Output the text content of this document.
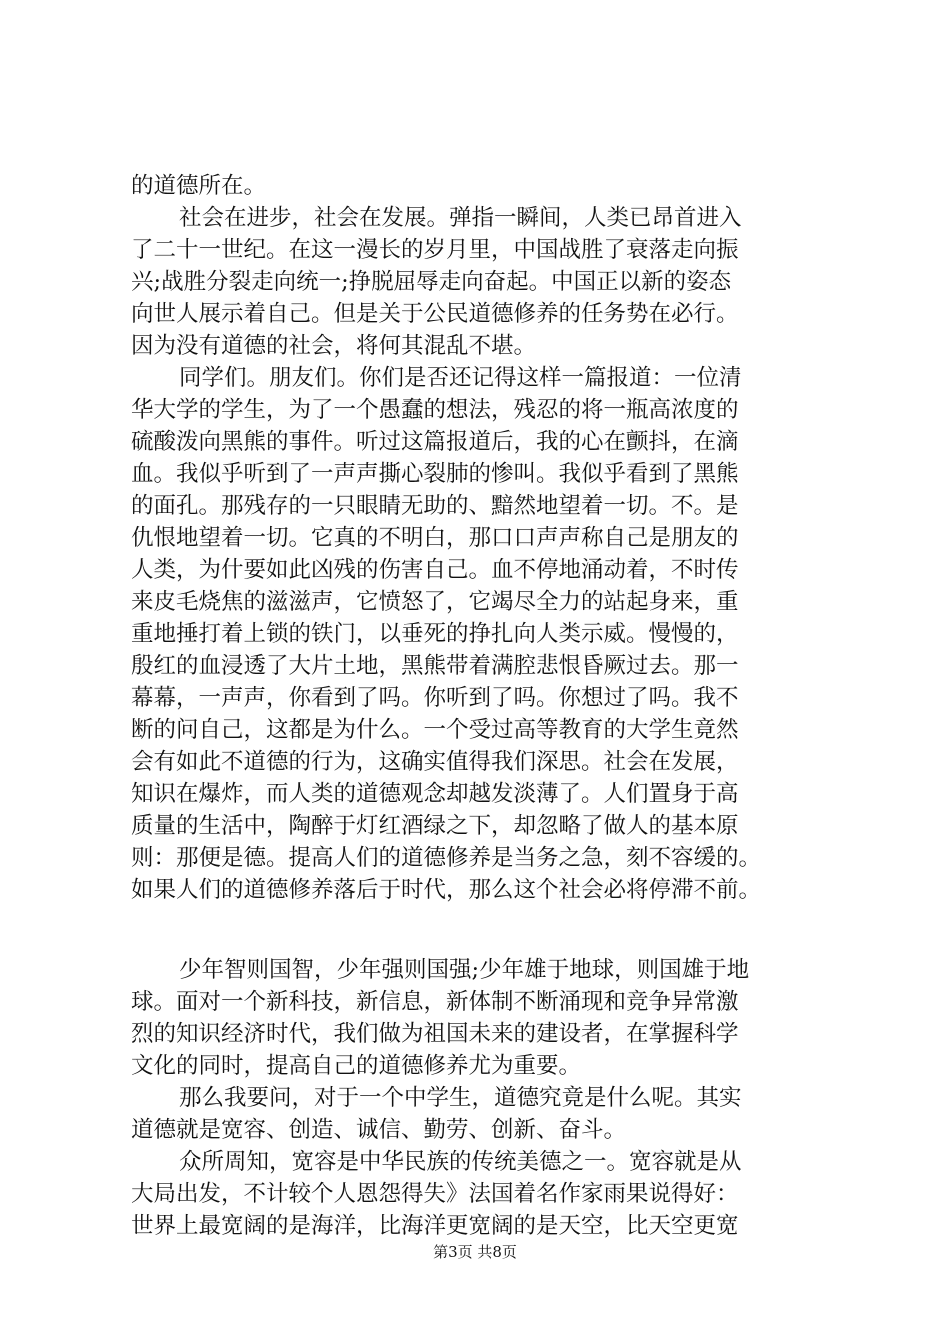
的道德所在。
社会在进步，社会在发展。弹指一瞬间，人类已昂首进入
了二十一世纪。在这一漫长的岁月里，中国战胜了衰落走向振
兴;战胜分裂走向统一;挣脱屈辱走向奋起。中国正以新的姿态
向世人展示着自己。但是关于公民道德修养的任务势在必行。
因为没有道德的社会，将何其混乱不堪。
同学们。朋友们。你们是否还记得这样一篇报道：一位清
华大学的学生，为了一个愚蠢的想法，残忍的将一瓶高浓度的
硫酸泼向黑熊的事件。听过这篇报道后，我的心在颤抖，在滴
血。我似乎听到了一声声撕心裂肺的惨叫。我似乎看到了黑熊
的面孔。那残存的一只眼睛无助的、黯然地望着一切。不。是
仇恨地望着一切。它真的不明白，那口口声声称自己是朋友的
人类，为什要如此凶残的伤害自己。血不停地涌动着，不时传
来皮毛烧焦的滋滋声，它愤怒了，它竭尽全力的站起身来，重
重地捶打着上锁的铁门，以垂死的挣扎向人类示威。慢慢的，
殷红的血浸透了大片土地，黑熊带着满腔悲恨昏厥过去。那一
幕幕，一声声，你看到了吗。你听到了吗。你想过了吗。我不
断的问自己，这都是为什么。一个受过高等教育的大学生竟然
会有如此不道德的行为，这确实值得我们深思。社会在发展，
知识在爆炸，而人类的道德观念却越发淡薄了。人们置身于高
质量的生活中，陶醉于灯红酒绿之下，却忽略了做人的基本原
则：那便是德。提高人们的道德修养是当务之急，刻不容缓的。
如果人们的道德修养落后于时代，那么这个社会必将停滞不前。
少年智则国智，少年强则国强;少年雄于地球，则国雄于地
球。面对一个新科技，新信息，新体制不断涌现和竞争异常激
烈的知识经济时代，我们做为祖国未来的建设者，在掌握科学
文化的同时，提高自己的道德修养尤为重要。
那么我要问，对于一个中学生，道德究竟是什么呢。其实
道德就是宽容、创造、诚信、勤劳、创新、奋斗。
众所周知，宽容是中华民族的传统美德之一。宽容就是从
大局出发，不计较个人恩怨得失》法国着名作家雨果说得好：
世界上最宽阔的是海洋，比海洋更宽阔的是天空，比天空更宽
第3页 共8页
